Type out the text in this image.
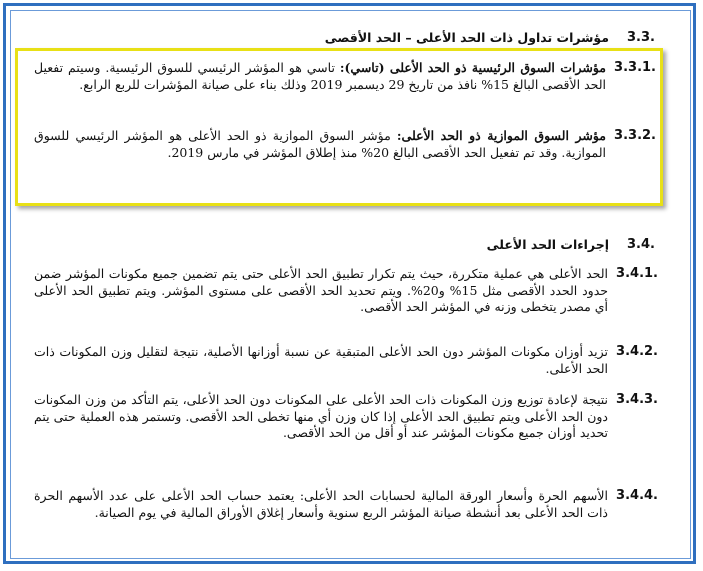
.3.3
مؤشرات تداول ذات الحد الأعلى – الحد الأقصى
3.3.1.
مؤشرات السوق الرئيسية ذو الحد الأعلى (تاسي): تاسي هو المؤشر الرئيسي للسوق الرئيسية. وسيتم تفعيل الحد الأقصى البالغ 15% نافذ من تاريخ 29 ديسمبر 2019 وذلك بناء على صيانة المؤشرات للربع الرابع.
3.3.2.
مؤشر السوق الموازية ذو الحد الأعلى: مؤشر السوق الموازية ذو الحد الأعلى هو المؤشر الرئيسي للسوق الموازية. وقد تم تفعيل الحد الأقصى البالغ 20% منذ إطلاق المؤشر في مارس 2019.
.3.4
إجراءات الحد الأعلى
3.4.1.
الحد الأعلى هي عملية متكررة، حيث يتم تكرار تطبيق الحد الأعلى حتى يتم تضمين جميع مكونات المؤشر ضمن حدود الحدد الأقصى مثل 15% و20%. ويتم تحديد الحد الأقصى على مستوى المؤشر. ويتم تطبيق الحد الأعلى أي مصدر يتخطى وزنه في المؤشر الحد الأقصى.
3.4.2.
تزيد أوزان مكونات المؤشر دون الحد الأعلى المتبقية عن نسبة أوزانها الأصلية، نتيجة لتقليل وزن المكونات ذات الحد الأعلى.
3.4.3.
نتيجة لإعادة توزيع وزن المكونات ذات الحد الأعلى على المكونات دون الحد الأعلى، يتم التأكد من وزن المكونات دون الحد الأعلى ويتم تطبيق الحد الأعلى إذا كان وزن أي منها تخطى الحد الأقصى. وتستمر هذه العملية حتى يتم تحديد أوزان جميع مكونات المؤشر عند أو أقل من الحد الأقصى.
3.4.4.
الأسهم الحرة وأسعار الورقة المالية لحسابات الحد الأعلى: يعتمد حساب الحد الأعلى على عدد الأسهم الحرة ذات الحد الأعلى بعد أنشطة صيانة المؤشر الربع سنوية وأسعار إغلاق الأوراق المالية في يوم الصيانة.
